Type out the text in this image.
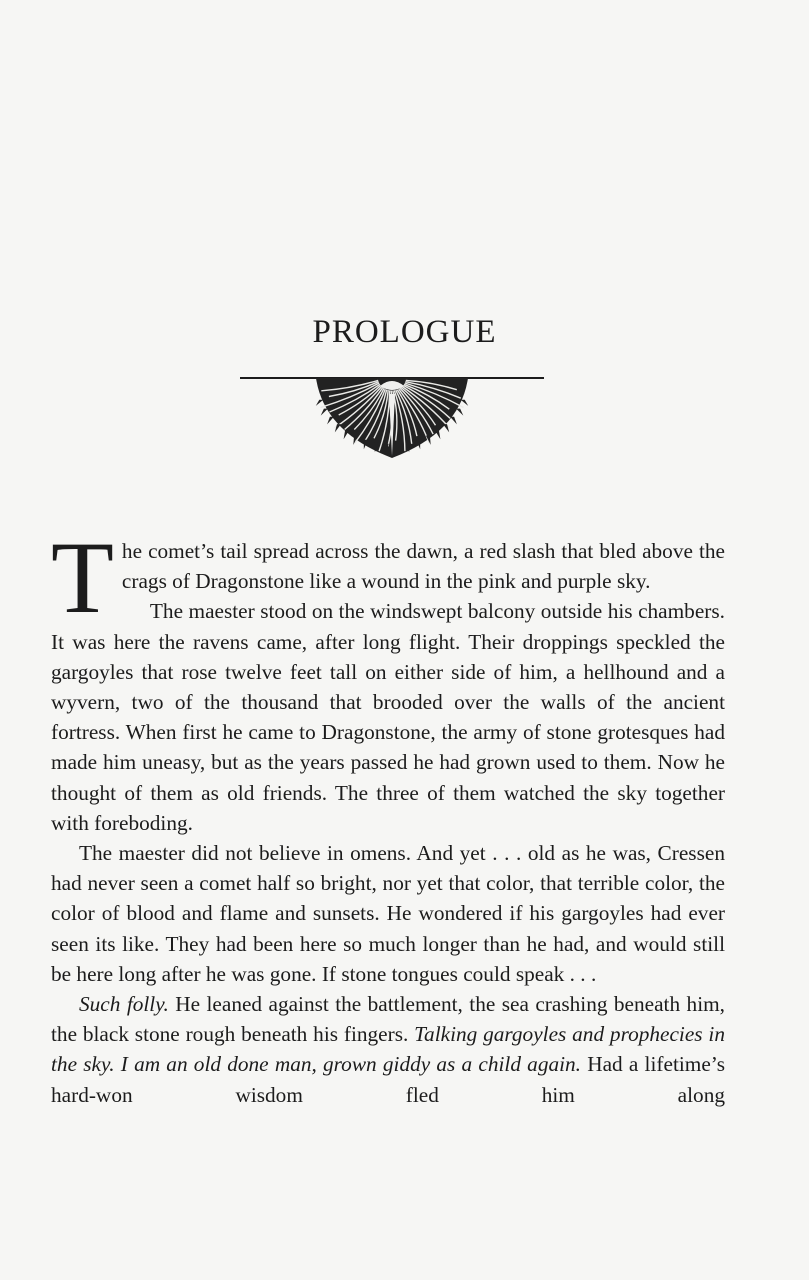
PROLOGUE

The comet’s tail spread across the dawn, a red slash that bled above the crags of Dragonstone like a wound in the pink and purple sky.

The maester stood on the windswept balcony outside his chambers. It was here the ravens came, after long flight. Their droppings speckled the gargoyles that rose twelve feet tall on either side of him, a hellhound and a wyvern, two of the thousand that brooded over the walls of the ancient fortress. When first he came to Dragonstone, the army of stone grotesques had made him uneasy, but as the years passed he had grown used to them. Now he thought of them as old friends. The three of them watched the sky together with foreboding.

The maester did not believe in omens. And yet . . . old as he was, Cressen had never seen a comet half so bright, nor yet that color, that terrible color, the color of blood and flame and sunsets. He wondered if his gargoyles had ever seen its like. They had been here so much longer than he had, and would still be here long after he was gone. If stone tongues could speak . . .

Such folly. He leaned against the battlement, the sea crashing beneath him, the black stone rough beneath his fingers. Talking gargoyles and prophecies in the sky. I am an old done man, grown giddy as a child again. Had a lifetime’s hard-won wisdom fled him along
